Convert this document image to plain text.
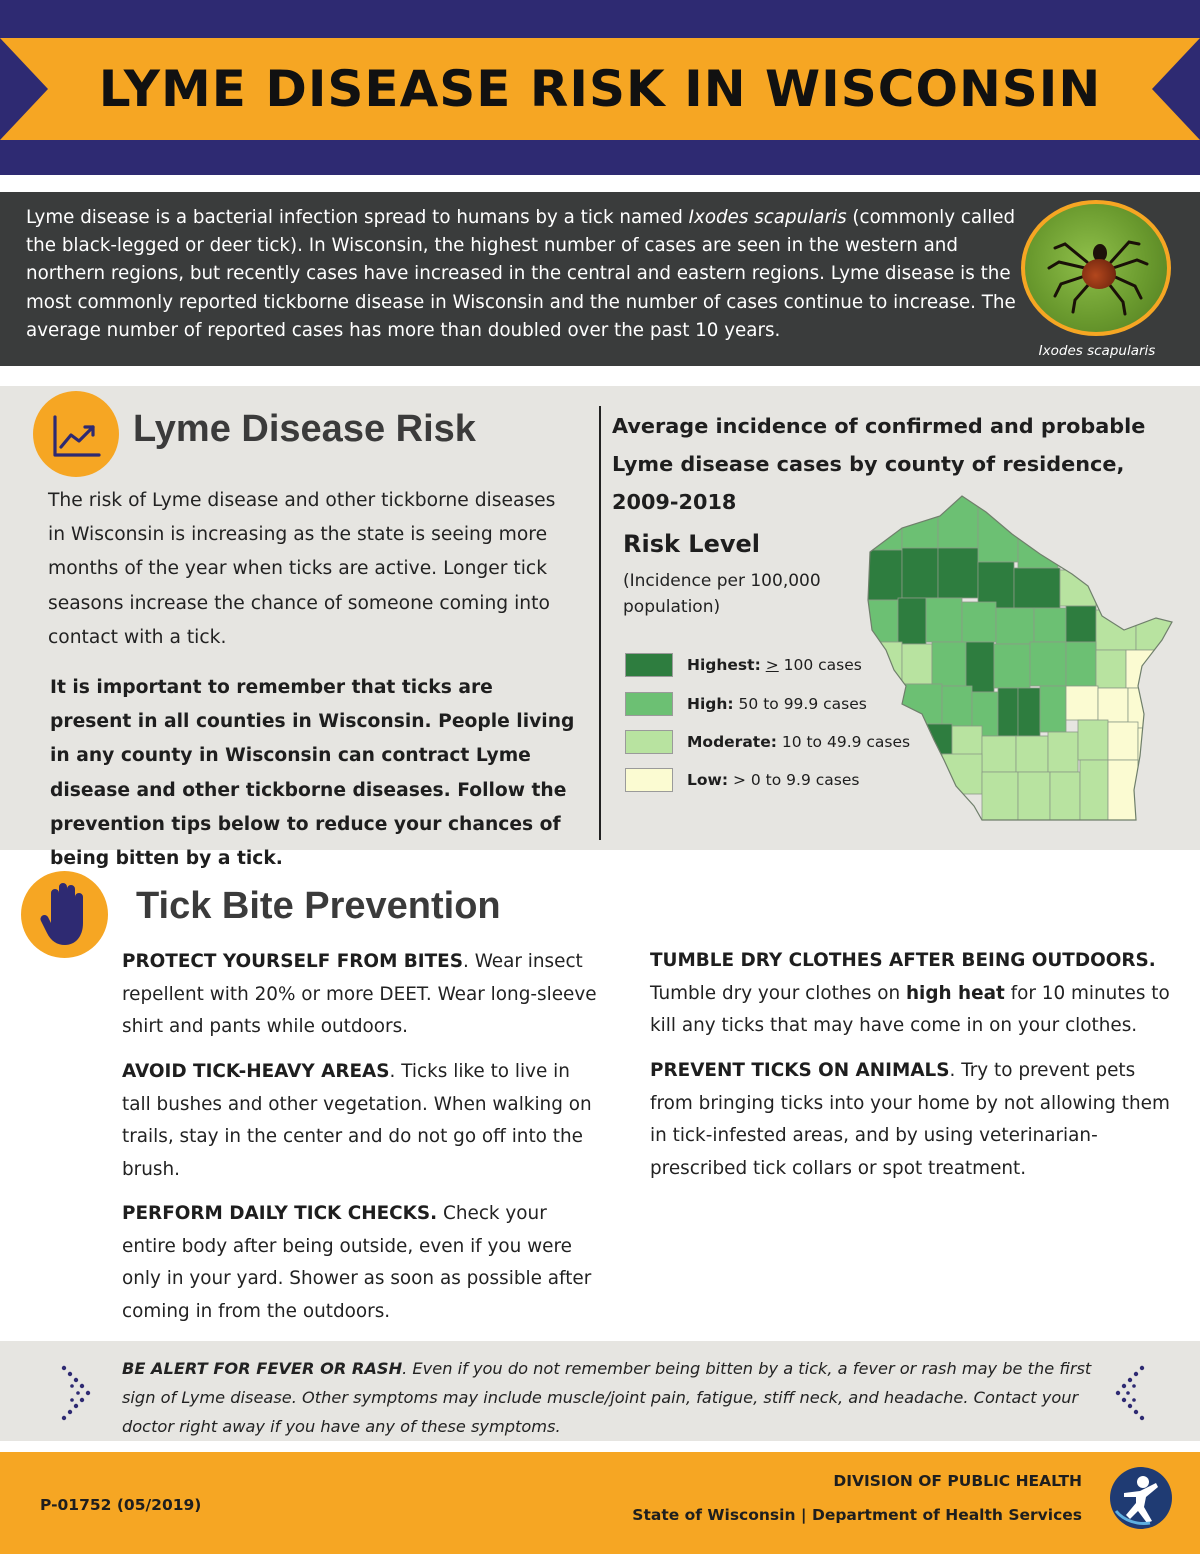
LYME DISEASE RISK IN WISCONSIN

Lyme disease is a bacterial infection spread to humans by a tick named Ixodes scapularis (commonly called the black-legged or deer tick). In Wisconsin, the highest number of cases are seen in the western and northern regions, but recently cases have increased in the central and eastern regions. Lyme disease is the most commonly reported tickborne disease in Wisconsin and the number of cases continue to increase. The average number of reported cases has more than doubled over the past 10 years.

Ixodes scapularis
Lyme Disease Risk

The risk of Lyme disease and other tickborne diseases in Wisconsin is increasing as the state is seeing more months of the year when ticks are active. Longer tick seasons increase the chance of someone coming into contact with a tick.

It is important to remember that ticks are present in all counties in Wisconsin. People living in any county in Wisconsin can contract Lyme disease and other tickborne diseases. Follow the prevention tips below to reduce your chances of being bitten by a tick.

Average incidence of confirmed and probable Lyme disease cases by county of residence, 2009-2018
Risk Level
(Incidence per 100,000 population)
Highest: > 100 cases
High: 50 to 99.9 cases
Moderate: 10 to 49.9 cases
Low: > 0 to 9.9 cases
Tick Bite Prevention

PROTECT YOURSELF FROM BITES. Wear insect repellent with 20% or more DEET. Wear long-sleeve shirt and pants while outdoors.

AVOID TICK-HEAVY AREAS. Ticks like to live in tall bushes and other vegetation. When walking on trails, stay in the center and do not go off into the brush.

PERFORM DAILY TICK CHECKS. Check your entire body after being outside, even if you were only in your yard. Shower as soon as possible after coming in from the outdoors.

TUMBLE DRY CLOTHES AFTER BEING OUTDOORS. Tumble dry your clothes on high heat for 10 minutes to kill any ticks that may have come in on your clothes.

PREVENT TICKS ON ANIMALS. Try to prevent pets from bringing ticks into your home by not allowing them in tick-infested areas, and by using veterinarian-prescribed tick collars or spot treatment.

BE ALERT FOR FEVER OR RASH. Even if you do not remember being bitten by a tick, a fever or rash may be the first sign of Lyme disease. Other symptoms may include muscle/joint pain, fatigue, stiff neck, and headache. Contact your doctor right away if you have any of these symptoms.

P-01752 (05/2019)
DIVISION OF PUBLIC HEALTH
State of Wisconsin | Department of Health Services
